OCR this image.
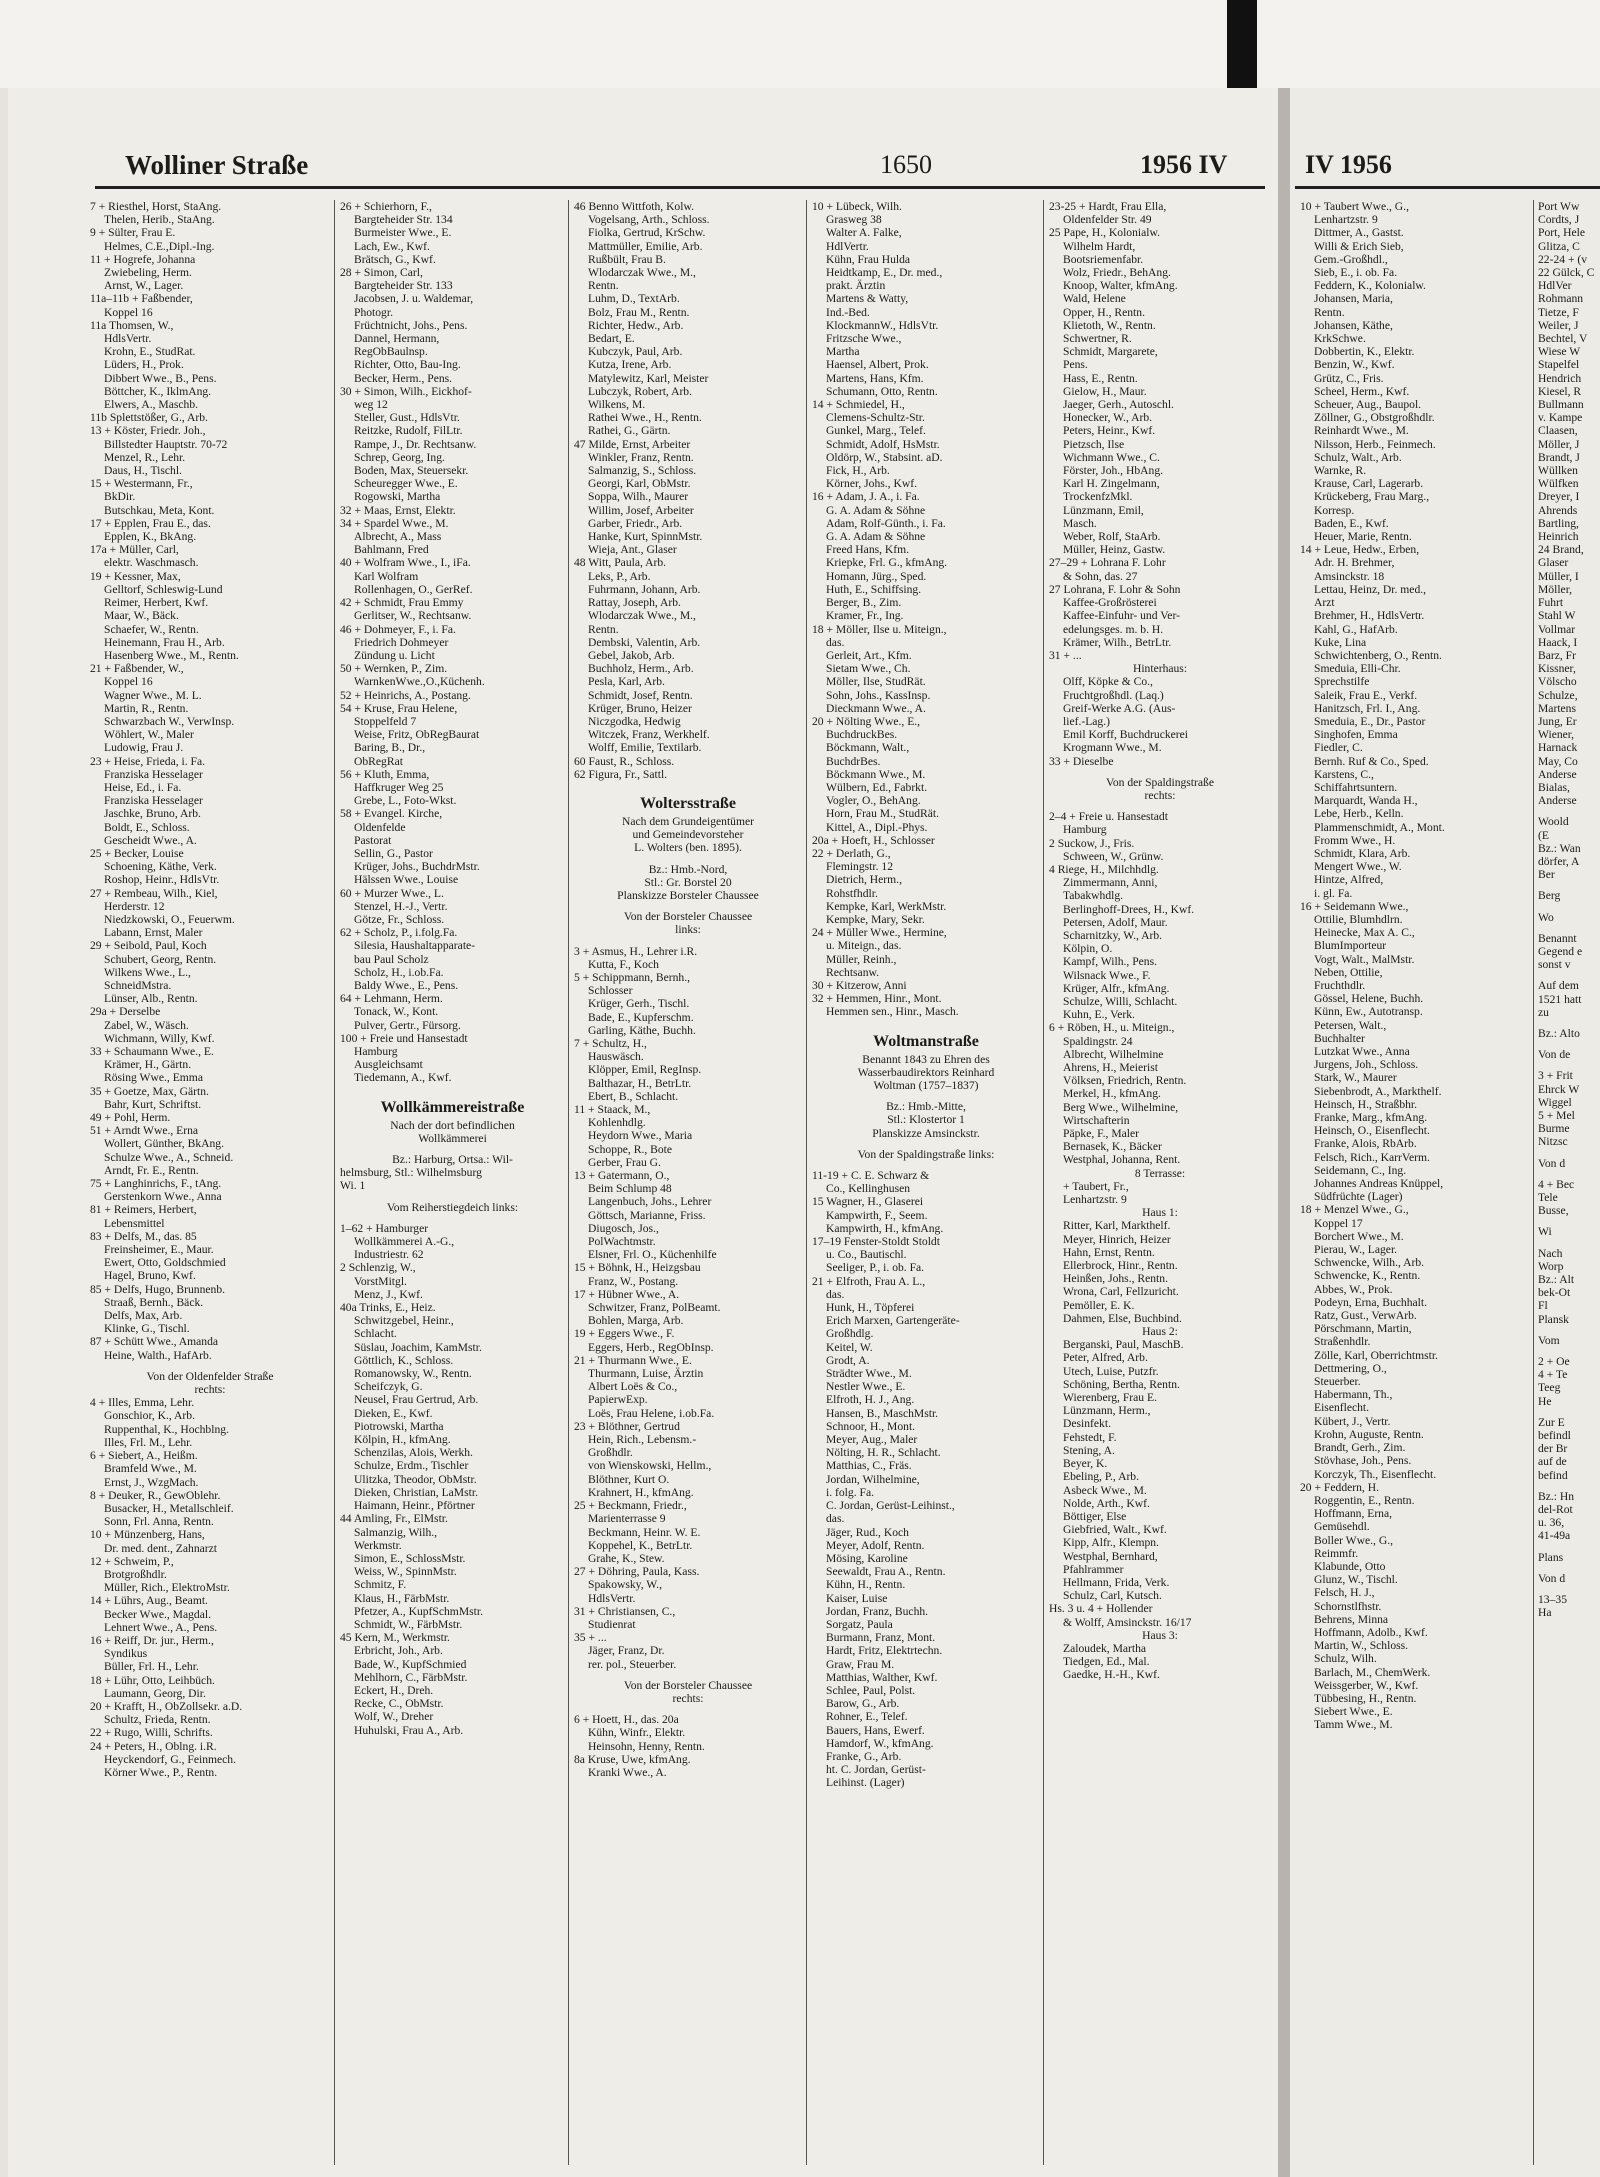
Wolliner Straße	1650	1956 IV	IV 1956
7 + Riesthel, Horst, StaAng.
Thelen, Herib., StaAng.
9 + Sülter, Frau E.
Helmes, C.E.,Dipl.-Ing.
11 + Hogrefe, Johanna
Zwiebeling, Herm.
Arnst, W., Lager.
11a–11b + Faßbender,
Koppel 16
11a Thomsen, W.,
HdlsVertr.
Krohn, E., StudRat.
Lüders, H., Prok.
Dibbert Wwe., B., Pens.
Böttcher, K., IklmAng.
Elwers, A., Maschb.
11b Splettstößer, G., Arb.
13 + Köster, Friedr. Joh.,
Billstedter Hauptstr. 70-72
Menzel, R., Lehr.
Daus, H., Tischl.
15 + Westermann, Fr.,
BkDir.
Butschkau, Meta, Kont.
17 + Epplen, Frau E., das.
Epplen, K., BkAng.
17a + Müller, Carl,
elektr. Waschmasch.
19 + Kessner, Max,
Gelltorf, Schleswig-Lund
Reimer, Herbert, Kwf.
Maar, W., Bäck.
Schaefer, W., Rentn.
Heinemann, Frau H., Arb.
Hasenberg Wwe., M., Rentn.
21 + Faßbender, W.,
Koppel 16
Wagner Wwe., M. L.
Martin, R., Rentn.
Schwarzbach W., VerwInsp.
Wöhlert, W., Maler
Ludowig, Frau J.
23 + Heise, Frieda, i. Fa.
Franziska Hesselager
Heise, Ed., i. Fa.
Franziska Hesselager
Jaschke, Bruno, Arb.
Boldt, E., Schloss.
Gescheidt Wwe., A.
25 + Becker, Louise
Schoening, Käthe, Verk.
Roshop, Heinr., HdlsVtr.
27 + Rembeau, Wilh., Kiel,
Herderstr. 12
Niedzkowski, O., Feuerwm.
Labann, Ernst, Maler
29 + Seibold, Paul, Koch
Schubert, Georg, Rentn.
Wilkens Wwe., L.,
SchneidMstra.
Lünser, Alb., Rentn.
29a + Derselbe
Zabel, W., Wäsch.
Wichmann, Willy, Kwf.
33 + Schaumann Wwe., E.
Krämer, H., Gärtn.
Rösing Wwe., Emma
35 + Goetze, Max, Gärtn.
Bahr, Kurt, Schriftst.
49 + Pohl, Herm.
51 + Arndt Wwe., Erna
Wollert, Günther, BkAng.
Schulze Wwe., A., Schneid.
Arndt, Fr. E., Rentn.
75 + Langhinrichs, F., tAng.
Gerstenkorn Wwe., Anna
81 + Reimers, Herbert,
Lebensmittel
83 + Delfs, M., das. 85
Freinsheimer, E., Maur.
Ewert, Otto, Goldschmied
Hagel, Bruno, Kwf.
85 + Delfs, Hugo, Brunnenb.
Straaß, Bernh., Bäck.
Delfs, Max, Arb.
Klinke, G., Tischl.
87 + Schütt Wwe., Amanda
Heine, Walth., HafArb.
Von der Oldenfelder Straße
rechts:
4 + Illes, Emma, Lehr.
Gonschior, K., Arb.
Ruppenthal, K., Hochblng.
Illes, Frl. M., Lehr.
6 + Siebert, A., Heißm.
Bramfeld Wwe., M.
Ernst, J., WzgMach.
8 + Deuker, R., GewOblehr.
Busacker, H., Metallschleif.
Sonn, Frl. Anna, Rentn.
10 + Münzenberg, Hans,
Dr. med. dent., Zahnarzt
12 + Schweim, P.,
Brotgroßhdlr.
Müller, Rich., ElektroMstr.
14 + Lührs, Aug., Beamt.
Becker Wwe., Magdal.
Lehnert Wwe., A., Pens.
16 + Reiff, Dr. jur., Herm.,
Syndikus
Büller, Frl. H., Lehr.
18 + Lühr, Otto, Leihbüch.
Laumann, Georg, Dir.
20 + Krafft, H., ObZollsekr. a.D.
Schultz, Frieda, Rentn.
22 + Rugo, Willi, Schrifts.
24 + Peters, H., Oblng. i.R.
Heyckendorf, G., Feinmech.
Körner Wwe., P., Rentn.
26 + Schierhorn, F.,
Bargteheider Str. 134
Burmeister Wwe., E.
Lach, Ew., Kwf.
Brätsch, G., Kwf.
28 + Simon, Carl,
Bargteheider Str. 133
Jacobsen, J. u. Waldemar,
Photogr.
Früchtnicht, Johs., Pens.
Dannel, Hermann,
RegObBaulnsp.
Richter, Otto, Bau-Ing.
Becker, Herm., Pens.
30 + Simon, Wilh., Eickhof-
weg 12
Steller, Gust., HdlsVtr.
Reitzke, Rudolf, FilLtr.
Rampe, J., Dr. Rechtsanw.
Schrep, Georg, Ing.
Boden, Max, Steuersekr.
Scheuregger Wwe., E.
Rogowski, Martha
32 + Maas, Ernst, Elektr.
34 + Spardel Wwe., M.
Albrecht, A., Mass
Bahlmann, Fred
40 + Wolfram Wwe., I., iFa.
Karl Wolfram
Rollenhagen, O., GerRef.
42 + Schmidt, Frau Emmy
Gerlitser, W., Rechtsanw.
46 + Dohmeyer, F., i. Fa.
Friedrich Dohmeyer
Zündung u. Licht
50 + Wernken, P., Zim.
WarnkenWwe.,O.,Küchenh.
52 + Heinrichs, A., Postang.
54 + Kruse, Frau Helene,
Stoppelfeld 7
Weise, Fritz, ObRegBaurat
Baring, B., Dr.,
ObRegRat
56 + Kluth, Emma,
Haffkruger Weg 25
Grebe, L., Foto-Wkst.
58 + Evangel. Kirche,
Oldenfelde
Pastorat
Sellin, G., Pastor
Krüger, Johs., BuchdrMstr.
Hälssen Wwe., Louise
60 + Murzer Wwe., L.
Stenzel, H.-J., Vertr.
Götze, Fr., Schloss.
62 + Scholz, P., i.folg.Fa.
Silesia, Haushaltapparate-
bau Paul Scholz
Scholz, H., i.ob.Fa.
Baldy Wwe., E., Pens.
64 + Lehmann, Herm.
Tonack, W., Kont.
Pulver, Gertr., Fürsorg.
100 + Freie und Hansestadt
Hamburg
Ausgleichsamt
Tiedemann, A., Kwf.
Wollkämmereistraße
Nach der dort befindlichen
Wollkämmerei
Bz.: Harburg, Ortsa.: Wil-
helmsburg, Stl.: Wilhelmsburg
Wi. 1
Vom Reiherstiegdeich links:
1–62 + Hamburger
Wollkämmerei A.-G.,
Industriestr. 62
2 Schlenzig, W.,
VorstMitgl.
Menz, J., Kwf.
40a Trinks, E., Heiz.
Schwitzgebel, Heinr.,
Schlacht.
Süslau, Joachim, KamMstr.
Göttlich, K., Schloss.
Romanowsky, W., Rentn.
Scheifczyk, G.
Neusel, Frau Gertrud, Arb.
Dieken, E., Kwf.
Piotrowski, Martha
Kölpin, H., kfmAng.
Schenzilas, Alois, Werkh.
Schulze, Erdm., Tischler
Ulitzka, Theodor, ObMstr.
Dieken, Christian, LaMstr.
Haimann, Heinr., Pförtner
44 Amling, Fr., ElMstr.
Salmanzig, Wilh.,
Werkmstr.
Simon, E., SchlossMstr.
Weiss, W., SpinnMstr.
Schmitz, F.
Klaus, H., FärbMstr.
Pfetzer, A., KupfSchmMstr.
Schmidt, W., FärbMstr.
45 Kern, M., Werkmstr.
Erbricht, Joh., Arb.
Bade, W., KupfSchmied
Mehlhorn, C., FärbMstr.
Eckert, H., Dreh.
Recke, C., ObMstr.
Wolf, W., Dreher
Huhulski, Frau A., Arb.
46 Benno Wittfoth, Kolw.
Vogelsang, Arth., Schloss.
Fiolka, Gertrud, KrSchw.
Mattmüller, Emilie, Arb.
Rußbült, Frau B.
Wlodarczak Wwe., M.,
Rentn.
Luhm, D., TextArb.
Bolz, Frau M., Rentn.
Richter, Hedw., Arb.
Bedart, E.
Kubczyk, Paul, Arb.
Kutza, Irene, Arb.
Matylewitz, Karl, Meister
Lubczyk, Robert, Arb.
Wilkens, M.
Rathei Wwe., H., Rentn.
Rathei, G., Gärtn.
47 Milde, Ernst, Arbeiter
Winkler, Franz, Rentn.
Salmanzig, S., Schloss.
Georgi, Karl, ObMstr.
Soppa, Wilh., Maurer
Willim, Josef, Arbeiter
Garber, Friedr., Arb.
Hanke, Kurt, SpinnMstr.
Wieja, Ant., Glaser
48 Witt, Paula, Arb.
Leks, P., Arb.
Fuhrmann, Johann, Arb.
Rattay, Joseph, Arb.
Wlodarczak Wwe., M.,
Rentn.
Dembski, Valentin, Arb.
Gebel, Jakob, Arb.
Buchholz, Herm., Arb.
Pesla, Karl, Arb.
Schmidt, Josef, Rentn.
Krüger, Bruno, Heizer
Niczgodka, Hedwig
Witczek, Franz, Werkhelf.
Wolff, Emilie, Textilarb.
60 Faust, R., Schloss.
62 Figura, Fr., Sattl.
Woltersstraße
Nach dem Grundeigentümer
und Gemeindevorsteher
L. Wolters (ben. 1895).
Bz.: Hmb.-Nord,
Stl.: Gr. Borstel 20
Planskizze Borsteler Chaussee
Von der Borsteler Chaussee
links:
3 + Asmus, H., Lehrer i.R.
Kutta, F., Koch
5 + Schippmann, Bernh.,
Schlosser
Krüger, Gerh., Tischl.
Bade, E., Kupferschm.
Garling, Käthe, Buchh.
7 + Schultz, H.,
Hauswäsch.
Klöpper, Emil, RegInsp.
Balthazar, H., BetrLtr.
Ebert, B., Schlacht.
11 + Staack, M.,
Kohlenhdlg.
Heydorn Wwe., Maria
Schoppe, R., Bote
Gerber, Frau G.
13 + Gatermann, O.,
Beim Schlump 48
Langenbuch, Johs., Lehrer
Göttsch, Marianne, Friss.
Diugosch, Jos.,
PolWachtmstr.
Elsner, Frl. O., Küchenhilfe
15 + Böhnk, H., Heizgsbau
Franz, W., Postang.
17 + Hübner Wwe., A.
Schwitzer, Franz, PolBeamt.
Bohlen, Marga, Arb.
19 + Eggers Wwe., F.
Eggers, Herb., RegObInsp.
21 + Thurmann Wwe., E.
Thurmann, Luise, Ärztin
Albert Loës & Co.,
PapierwExp.
Loës, Frau Helene, i.ob.Fa.
23 + Blöthner, Gertrud
Hein, Rich., Lebensm.-
Großhdlr.
von Wienskowski, Hellm.,
Blöthner, Kurt O.
Krahnert, H., kfmAng.
25 + Beckmann, Friedr.,
Marienterrasse 9
Beckmann, Heinr. W. E.
Koppehel, K., BetrLtr.
Grahe, K., Stew.
27 + Döhring, Paula, Kass.
Spakowsky, W.,
HdlsVertr.
31 + Christiansen, C.,
Studienrat
35 + ...
Jäger, Franz, Dr.
rer. pol., Steuerber.
Von der Borsteler Chaussee
rechts:
6 + Hoett, H., das. 20a
Kühn, Winfr., Elektr.
Heinsohn, Henny, Rentn.
8a Kruse, Uwe, kfmAng.
Kranki Wwe., A.
10 + Lübeck, Wilh.
Grasweg 38
Walter A. Falke,
HdlVertr.
Kühn, Frau Hulda
Heidtkamp, E., Dr. med.,
prakt. Ärztin
Martens & Watty,
Ind.-Bed.
KlockmannW., HdlsVtr.
Fritzsche Wwe.,
Martha
Haensel, Albert, Prok.
Martens, Hans, Kfm.
Schumann, Otto, Rentn.
14 + Schmiedel, H.,
Clemens-Schultz-Str.
Gunkel, Marg., Telef.
Schmidt, Adolf, HsMstr.
Oldörp, W., Stabsint. aD.
Fick, H., Arb.
Körner, Johs., Kwf.
16 + Adam, J. A., i. Fa.
G. A. Adam & Söhne
Adam, Rolf-Günth., i. Fa.
G. A. Adam & Söhne
Freed Hans, Kfm.
Kriepke, Frl. G., kfmAng.
Homann, Jürg., Sped.
Huth, E., Schiffsing.
Berger, B., Zim.
Kramer, Fr., Ing.
18 + Möller, Ilse u. Miteign.,
das.
Gerleit, Art., Kfm.
Sietam Wwe., Ch.
Möller, Ilse, StudRät.
Sohn, Johs., KassInsp.
Dieckmann Wwe., A.
20 + Nölting Wwe., E.,
BuchdruckBes.
Böckmann, Walt.,
BuchdrBes.
Böckmann Wwe., M.
Wülbern, Ed., Fabrkt.
Vogler, O., BehAng.
Horn, Frau M., StudRät.
Kittel, A., Dipl.-Phys.
20a + Hoeft, H., Schlosser
22 + Derlath, G.,
Flemingstr. 12
Dietrich, Herm.,
Rohstfhdlr.
Kempke, Karl, WerkMstr.
Kempke, Mary, Sekr.
24 + Müller Wwe., Hermine,
u. Miteign., das.
Müller, Reinh.,
Rechtsanw.
30 + Kitzerow, Anni
32 + Hemmen, Hinr., Mont.
Hemmen sen., Hinr., Masch.
Woltmanstraße
Benannt 1843 zu Ehren des
Wasserbaudirektors Reinhard
Woltman (1757–1837)
Bz.: Hmb.-Mitte,
Stl.: Klostertor 1
Planskizze Amsinckstr.
Von der Spaldingstraße links:
11-19 + C. E. Schwarz &
Co., Kellinghusen
15 Wagner, H., Glaserei
Kampwirth, F., Seem.
Kampwirth, H., kfmAng.
17–19 Fenster-Stoldt Stoldt
u. Co., Bautischl.
Seeliger, P., i. ob. Fa.
21 + Elfroth, Frau A. L.,
das.
Hunk, H., Töpferei
Erich Marxen, Gartengeräte-
Großhdlg.
Keitel, W.
Grodt, A.
Strädter Wwe., M.
Nestler Wwe., E.
Elfroth, H. J., Ang.
Hansen, B., MaschMstr.
Schnoor, H., Mont.
Meyer, Aug., Maler
Nölting, H. R., Schlacht.
Matthias, C., Fräs.
Jordan, Wilhelmine,
i. folg. Fa.
C. Jordan, Gerüst-Leihinst.,
das.
Jäger, Rud., Koch
Meyer, Adolf, Rentn.
Mösing, Karoline
Seewaldt, Frau A., Rentn.
Kühn, H., Rentn.
Kaiser, Luise
Jordan, Franz, Buchh.
Sorgatz, Paula
Burmann, Franz, Mont.
Hardt, Fritz, Elektrtechn.
Graw, Frau M.
Matthias, Walther, Kwf.
Schlee, Paul, Polst.
Barow, G., Arb.
Rohner, E., Telef.
Bauers, Hans, Ewerf.
Hamdorf, W., kfmAng.
Franke, G., Arb.
ht. C. Jordan, Gerüst-
Leihinst. (Lager)
23-25 + Hardt, Frau Ella,
Oldenfelder Str. 49
25 Pape, H., Kolonialw.
Wilhelm Hardt,
Bootsriemenfabr.
Wolz, Friedr., BehAng.
Knoop, Walter, kfmAng.
Wald, Helene
Opper, H., Rentn.
Klietoth, W., Rentn.
Schwertner, R.
Schmidt, Margarete,
Pens.
Hass, E., Rentn.
Gielow, H., Maur.
Jaeger, Gerh., Autoschl.
Honecker, W., Arb.
Peters, Heinr., Kwf.
Pietzsch, Ilse
Wichmann Wwe., C.
Förster, Joh., HbAng.
Karl H. Zingelmann,
TrockenfzMkl.
Lünzmann, Emil,
Masch.
Weber, Rolf, StaArb.
Müller, Heinz, Gastw.
27–29 + Lohrana F. Lohr
& Sohn, das. 27
27 Lohrana, F. Lohr & Sohn
Kaffee-Großrösterei
Kaffee-Einfuhr- und Ver-
edelungsges. m. b. H.
Krämer, Wilh., BetrLtr.
31 + ...
Hinterhaus:
Olff, Köpke & Co.,
Fruchtgroßhdl. (Laq.)
Greif-Werke A.G. (Aus-
lief.-Lag.)
Emil Korff, Buchdruckerei
Krogmann Wwe., M.
33 + Dieselbe
Von der Spaldingstraße
rechts:
2–4 + Freie u. Hansestadt
Hamburg
2 Suckow, J., Fris.
Schween, W., Grünw.
4 Riege, H., Milchhdlg.
Zimmermann, Anni,
Tabakwhdlg.
Berlinghoff-Drees, H., Kwf.
Petersen, Adolf, Maur.
Scharnitzky, W., Arb.
Kölpin, O.
Kampf, Wilh., Pens.
Wilsnack Wwe., F.
Krüger, Alfr., kfmAng.
Schulze, Willi, Schlacht.
Kuhn, E., Verk.
6 + Röben, H., u. Miteign.,
Spaldingstr. 24
Albrecht, Wilhelmine
Ahrens, H., Meierist
Völksen, Friedrich, Rentn.
Merkel, H., kfmAng.
Berg Wwe., Wilhelmine,
Wirtschafterin
Päpke, F., Maler
Bernasek, K., Bäcker
Westphal, Johanna, Rent.
8 Terrasse:
+ Taubert, Fr.,
Lenhartzstr. 9
Haus 1:
Ritter, Karl, Markthelf.
Meyer, Hinrich, Heizer
Hahn, Ernst, Rentn.
Ellerbrock, Hinr., Rentn.
Heinßen, Johs., Rentn.
Wrona, Carl, Fellzuricht.
Pemöller, E. K.
Dahmen, Else, Buchbind.
Haus 2:
Berganski, Paul, MaschB.
Peter, Alfred, Arb.
Utech, Luise, Putzfr.
Schöning, Bertha, Rentn.
Wierenberg, Frau E.
Lünzmann, Herm.,
Desinfekt.
Fehstedt, F.
Stening, A.
Beyer, K.
Ebeling, P., Arb.
Asbeck Wwe., M.
Nolde, Arth., Kwf.
Böttiger, Else
Giebfried, Walt., Kwf.
Kipp, Alfr., Klempn.
Westphal, Bernhard,
Pfahlrammer
Hellmann, Frida, Verk.
Schulz, Carl, Kutsch.
Hs. 3 u. 4 + Hollender
& Wolff, Amsinckstr. 16/17
Haus 3:
Zaloudek, Martha
Tiedgen, Ed., Mal.
Gaedke, H.-H., Kwf.
10 + Taubert Wwe., G.,
Lenhartzstr. 9
Dittmer, A., Gastst.
Willi & Erich Sieb,
Gem.-Großhdl.,
Sieb, E., i. ob. Fa.
Feddern, K., Kolonialw.
Johansen, Maria,
Rentn.
Johansen, Käthe,
KrkSchwe.
Dobbertin, K., Elektr.
Benzin, W., Kwf.
Grütz, C., Fris.
Scheel, Herm., Kwf.
Scheuer, Aug., Baupol.
Zöllner, G., Obstgroßhdlr.
Reinhardt Wwe., M.
Nilsson, Herb., Feinmech.
Schulz, Walt., Arb.
Warnke, R.
Krause, Carl, Lagerarb.
Krückeberg, Frau Marg.,
Korresp.
Baden, E., Kwf.
Heuer, Marie, Rentn.
14 + Leue, Hedw., Erben,
Adr. H. Brehmer,
Amsinckstr. 18
Lettau, Heinz, Dr. med.,
Arzt
Brehmer, H., HdlsVertr.
Kahl, G., HafArb.
Kuke, Lina
Schwichtenberg, O., Rentn.
Smeduia, Elli-Chr.
Sprechstilfe
Saleik, Frau E., Verkf.
Hanitzsch, Frl. I., Ang.
Smeduia, E., Dr., Pastor
Singhofen, Emma
Fiedler, C.
Bernh. Ruf & Co., Sped.
Karstens, C.,
Schiffahrtsuntern.
Marquardt, Wanda H.,
Lebe, Herb., Kelln.
Plammenschmidt, A., Mont.
Fromm Wwe., H.
Schmidt, Klara, Arb.
Mengert Wwe., W.
Hintze, Alfred,
i. gl. Fa.
16 + Seidemann Wwe.,
Ottilie, Blumhdlrn.
Heinecke, Max A. C.,
BlumImporteur
Vogt, Walt., MalMstr.
Neben, Ottilie,
Fruchthdlr.
Gössel, Helene, Buchh.
Künn, Ew., Autotransp.
Petersen, Walt.,
Buchhalter
Lutzkat Wwe., Anna
Jurgens, Joh., Schloss.
Stark, W., Maurer
Siebenbrodt, A., Markthelf.
Heinsch, H., Straßbhr.
Franke, Marg., kfmAng.
Heinsch, O., Eisenflecht.
Franke, Alois, RbArb.
Felsch, Rich., KarrVerm.
Seidemann, C., Ing.
Johannes Andreas Knüppel,
Südfrüchte (Lager)
18 + Menzel Wwe., G.,
Koppel 17
Borchert Wwe., M.
Pierau, W., Lager.
Schwencke, Wilh., Arb.
Schwencke, K., Rentn.
Abbes, W., Prok.
Podeyn, Erna, Buchhalt.
Ratz, Gust., VerwArb.
Pörschmann, Martin,
Straßenhdlr.
Zölle, Karl, Oberrichtmstr.
Dettmering, O.,
Steuerber.
Habermann, Th.,
Eisenflecht.
Kübert, J., Vertr.
Krohn, Auguste, Rentn.
Brandt, Gerh., Zim.
Stövhase, Joh., Pens.
Korczyk, Th., Eisenflecht.
20 + Feddern, H.
Roggentin, E., Rentn.
Hoffmann, Erna,
Gemüsehdl.
Boller Wwe., G.,
Reimmfr.
Klabunde, Otto
Glunz, W., Tischl.
Felsch, H. J.,
Schornstlfhstr.
Behrens, Minna
Hoffmann, Adolb., Kwf.
Martin, W., Schloss.
Schulz, Wilh.
Barlach, M., ChemWerk.
Weissgerber, W., Kwf.
Tübbesing, H., Rentn.
Siebert Wwe., E.
Tamm Wwe., M.
Port Ww
Cordts, J
Port, Hele
Glitza, C
22-24 + (v
22 Gülck, C
HdlVer
Rohmann
Tietze, F
Weiler, J
Bechtel, V
Wiese W
Stapelfel
Hendrich
Kiesel, R
Bullmann
v. Kampe
Claasen,
Möller, J
Brandt, J
Wüllken
Wülfken
Dreyer, I
Ahrends
Bartling,
Heinrich
24 Brand,
Glaser
Müller, I
Möller,
Fuhrt
Stahl W
Vollmar
Haack, I
Barz, Fr
Kissner,
Völscho
Schulze,
Martens
Jung, Er
Wiener,
Harnack
May, Co
Anderse
Bialas,
Anderse
Woold
(E
Bz.: Wan
dörfer, A
Ber
Berg
Wo
Benannt
Gegend e
sonst v
Auf dem
1521 hatt
zu
Bz.: Alto
Von de
3 + Frit
Ehrck W
Wiggel
5 + Mel
Burme
Nitzsc
Von d
4 + Bec
Tele
Busse,
Wi
Nach
Worp
Bz.: Alt
bek-Ot
Fl
Plansk
Vom
2 + Oe
4 + Te
Teeg
He
Zur E
befindl
der Br
auf de
befind
Bz.: Hn
del-Rot
u. 36,
41-49a
Plans
Von d
13–35
Ha
